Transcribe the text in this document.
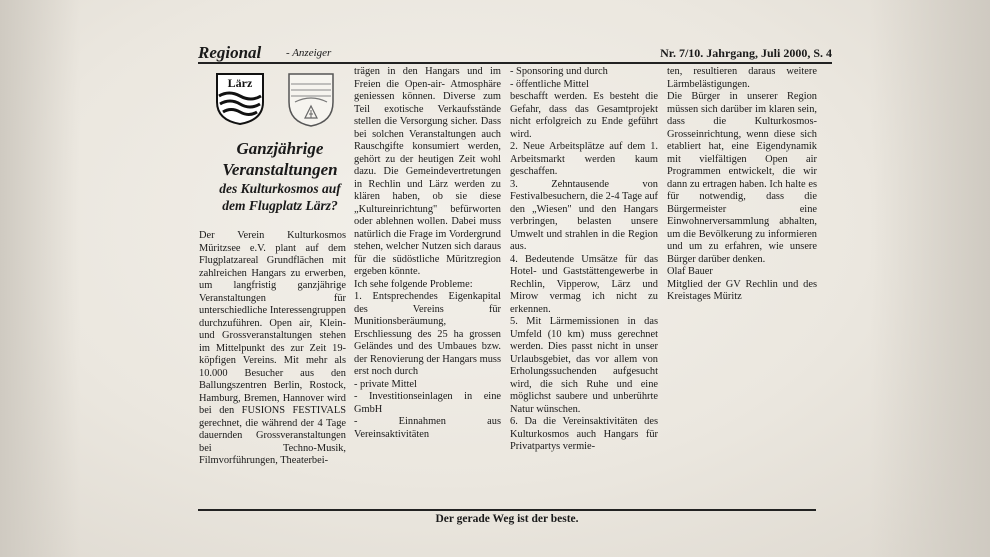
Regional - Anzeiger	Nr. 7/10. Jahrgang, Juli 2000, S. 4
Lärz
Ganzjährige
Veranstaltungen
des Kulturkosmos auf
dem Flugplatz Lärz?

Der Verein Kulturkosmos Müritzsee e.V. plant auf dem Flugplatzareal Grundflächen mit zahlreichen Hangars zu erwerben, um langfristig ganzjährige Veranstaltungen für unterschiedliche Interessengruppen durchzuführen. Open air, Klein- und Grossveranstaltungen stehen im Mittelpunkt des zur Zeit 19-köpfigen Vereins. Mit mehr als 10.000 Besucher aus den Ballungszentren Berlin, Rostock, Hamburg, Bremen, Hannover wird bei den FUSIONS FESTIVALS gerechnet, die während der 4 Tage dauernden Grossveranstaltungen bei Techno-Musik, Filmvorführungen, Theaterbei-

trägen in den Hangars und im Freien die Open-air- Atmosphäre geniessen können. Diverse zum Teil exotische Verkaufsstände stellen die Versorgung sicher. Dass bei solchen Veranstaltungen auch Rauschgifte konsumiert werden, gehört zu der heutigen Zeit wohl dazu. Die Gemeindevertretungen in Rechlin und Lärz werden zu klären haben, ob sie diese „Kultureinrichtung" befürworten oder ablehnen wollen. Dabei muss natürlich die Frage im Vordergrund stehen, welcher Nutzen sich daraus für die südöstliche Müritzregion ergeben könnte.

Ich sehe folgende Probleme:

1. Entsprechendes Eigenkapital des Vereins für Munitionsberäumung, Erschliessung des 25 ha grossen Geländes und des Umbaues bzw. der Renovierung der Hangars muss erst noch durch

- private Mittel

- Investitionseinlagen in eine GmbH

- Einnahmen aus Vereinsaktivitäten

- Sponsoring und durch

- öffentliche Mittel

beschafft werden. Es besteht die Gefahr, dass das Gesamtprojekt nicht erfolgreich zu Ende geführt wird.

2. Neue Arbeitsplätze auf dem 1. Arbeitsmarkt werden kaum geschaffen.

3. Zehntausende von Festivalbesuchern, die 2-4 Tage auf den „Wiesen" und den Hangars verbringen, belasten unsere Umwelt und strahlen in die Region aus.

4. Bedeutende Umsätze für das Hotel- und Gaststättengewerbe in Rechlin, Vipperow, Lärz und Mirow vermag ich nicht zu erkennen.

5. Mit Lärmemissionen in das Umfeld (10 km) muss gerechnet werden. Dies passt nicht in unser Urlaubsgebiet, das vor allem von Erholungssuchenden aufgesucht wird, die sich Ruhe und eine möglichst saubere und unberührte Natur wünschen.

6. Da die Vereinsaktivitäten des Kulturkosmos auch Hangars für Privatpartys vermie-

ten, resultieren daraus weitere Lärmbelästigungen.

Die Bürger in unserer Region müssen sich darüber im klaren sein, dass die Kulturkosmos-Grosseinrichtung, wenn diese sich etabliert hat, eine Eigendynamik mit vielfältigen Open air Programmen entwickelt, die wir dann zu ertragen haben. Ich halte es für notwendig, dass die Bürgermeister eine Einwohnerversammlung abhalten, um die Bevölkerung zu informieren und um zu erfahren, wie unsere Bürger darüber denken.

Olaf Bauer

Mitglied der GV Rechlin und des Kreistages Müritz

Der gerade Weg ist der beste.
